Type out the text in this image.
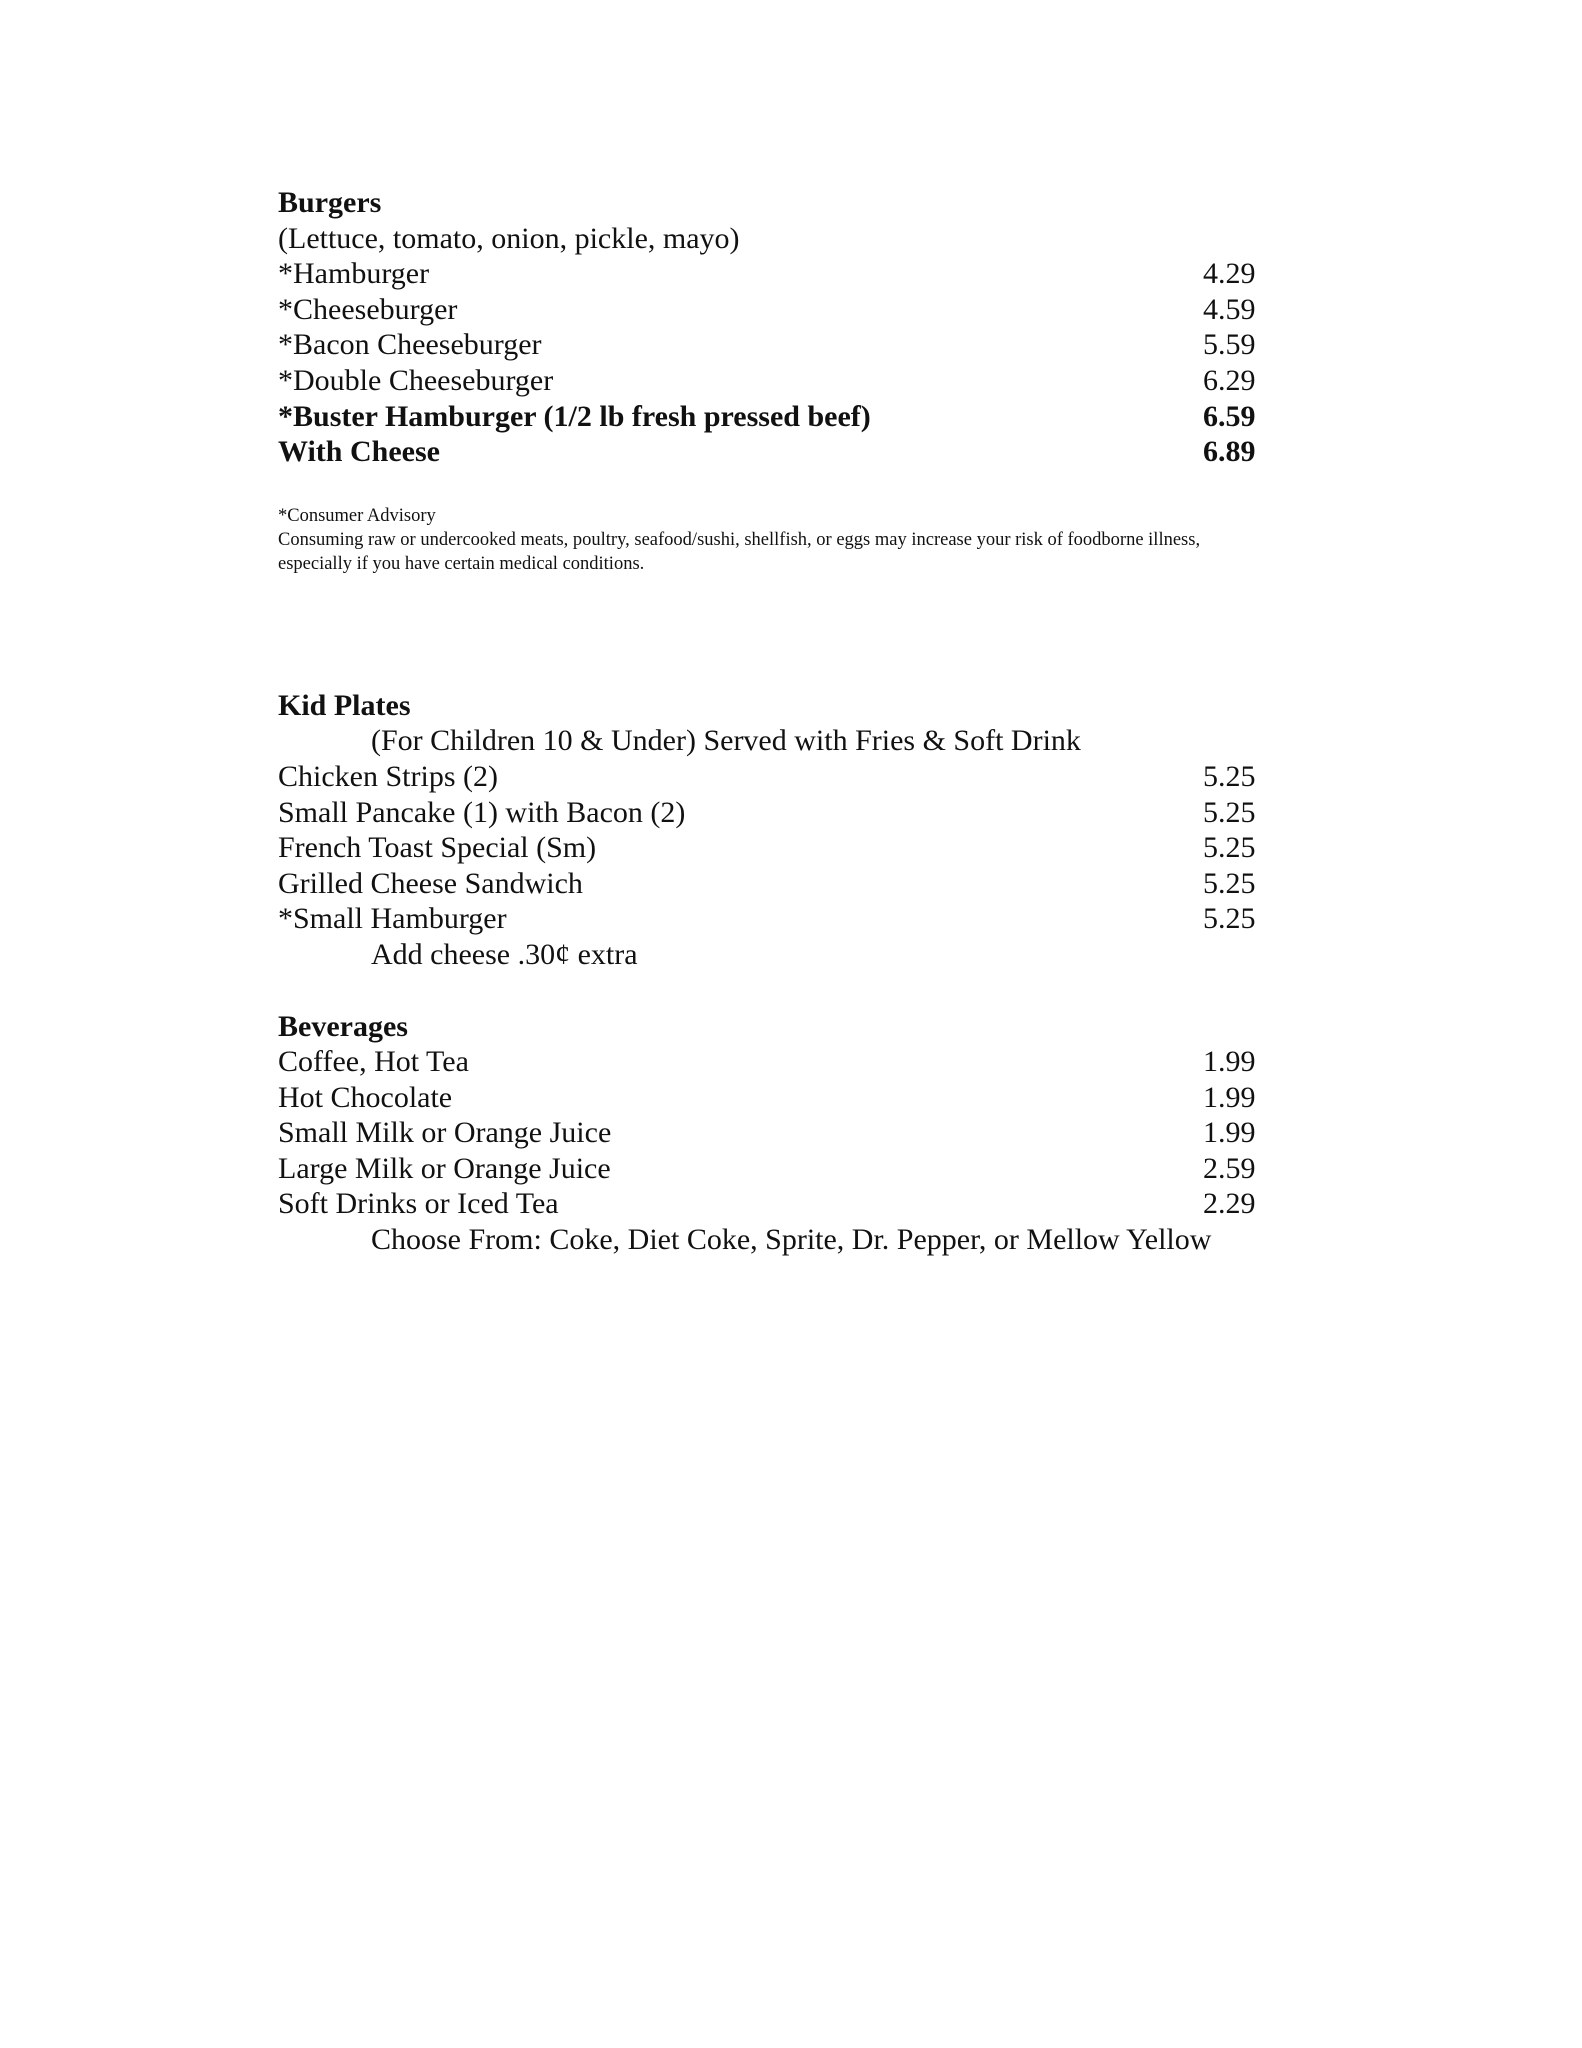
Burgers
(Lettuce, tomato, onion, pickle, mayo)
*Hamburger	4.29
*Cheeseburger	4.59
*Bacon Cheeseburger	5.59
*Double Cheeseburger	6.29
*Buster Hamburger (1/2 lb fresh pressed beef)	6.59
With Cheese	6.89
*Consumer Advisory
Consuming raw or undercooked meats, poultry, seafood/sushi, shellfish, or eggs may increase your risk of foodborne illness,
especially if you have certain medical conditions.
Kid Plates
(For Children 10 & Under) Served with Fries & Soft Drink
Chicken Strips (2)	5.25
Small Pancake (1) with Bacon (2)	5.25
French Toast Special (Sm)	5.25
Grilled Cheese Sandwich	5.25
*Small Hamburger	5.25
Add cheese .30¢ extra
Beverages
Coffee, Hot Tea	1.99
Hot Chocolate	1.99
Small Milk or Orange Juice	1.99
Large Milk or Orange Juice	2.59
Soft Drinks or Iced Tea	2.29
Choose From: Coke, Diet Coke, Sprite, Dr. Pepper, or Mellow Yellow
